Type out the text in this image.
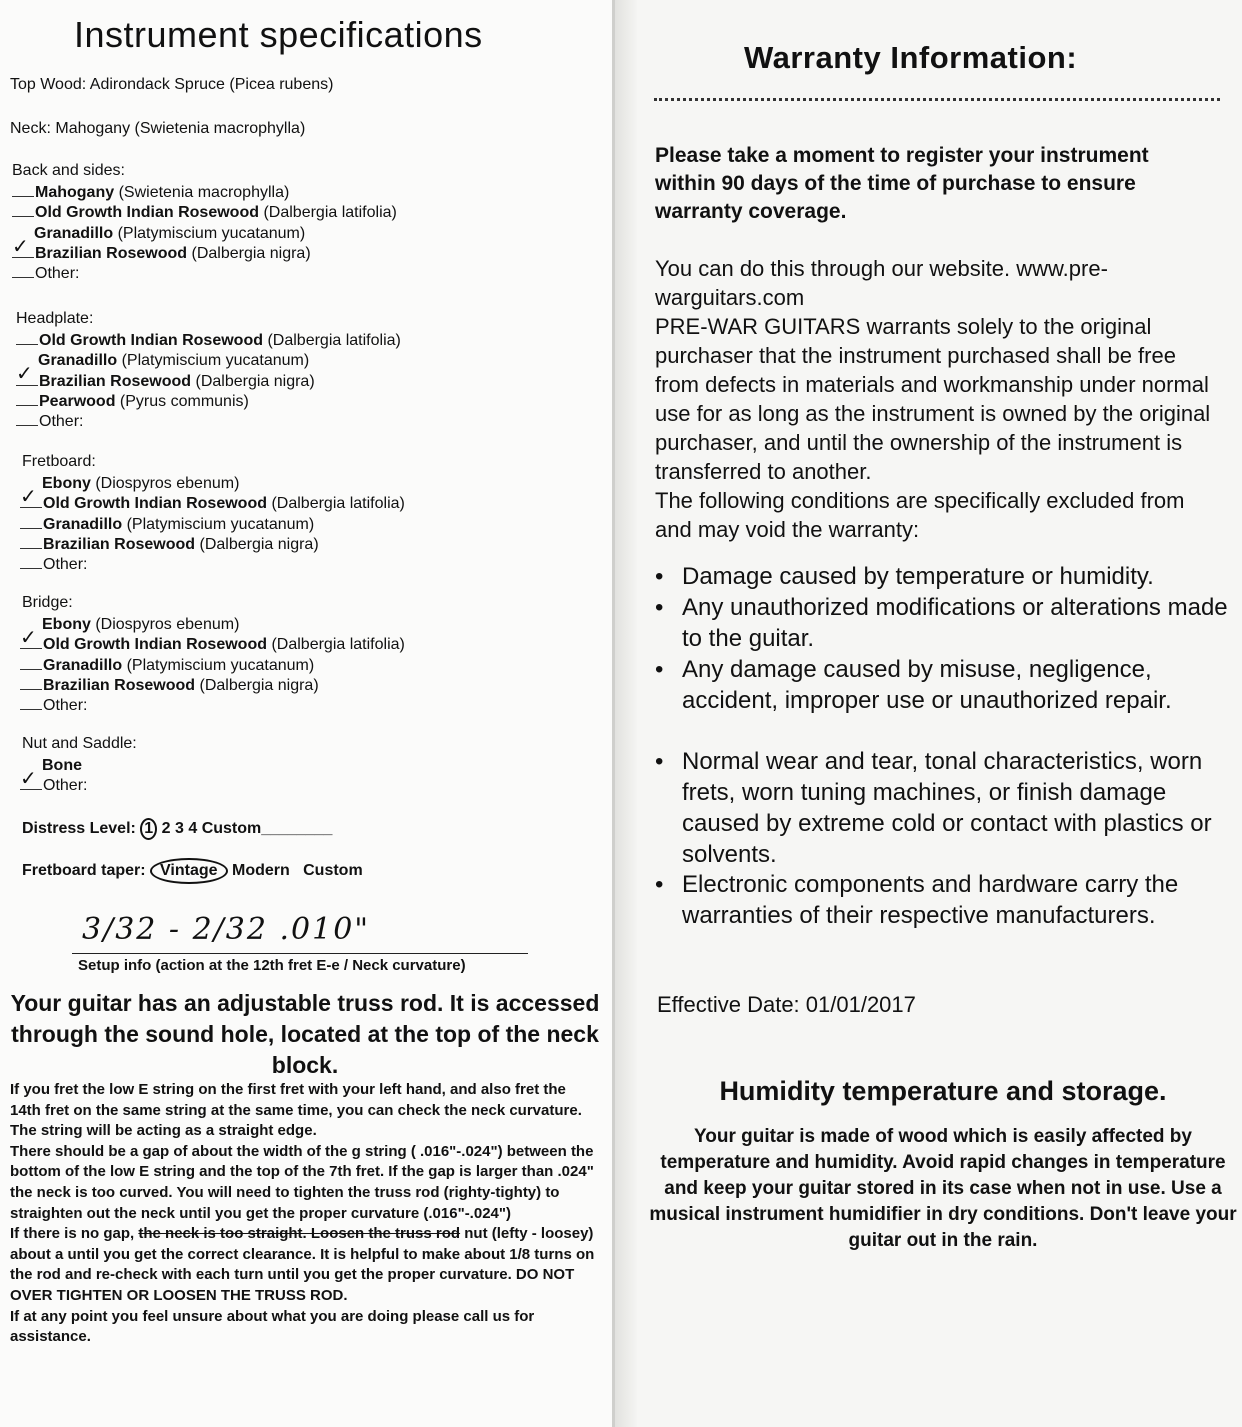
Instrument specifications
Top Wood: Adirondack Spruce (Picea rubens)
Neck: Mahogany (Swietenia macrophylla)
Back and sides:
Mahogany (Swietenia macrophylla)
Old Growth Indian Rosewood (Dalbergia latifolia)
Granadillo (Platymiscium yucatanum)
Brazilian Rosewood (Dalbergia nigra)
Other:
Headplate:
Old Growth Indian Rosewood (Dalbergia latifolia)
Granadillo (Platymiscium yucatanum)
Brazilian Rosewood (Dalbergia nigra)
Pearwood (Pyrus communis)
Other:
Fretboard:
Ebony (Diospyros ebenum)
Old Growth Indian Rosewood (Dalbergia latifolia)
Granadillo (Platymiscium yucatanum)
Brazilian Rosewood (Dalbergia nigra)
Other:
Bridge:
Ebony (Diospyros ebenum)
Old Growth Indian Rosewood (Dalbergia latifolia)
Granadillo (Platymiscium yucatanum)
Brazilian Rosewood (Dalbergia nigra)
Other:
Nut and Saddle:
Bone
Other:
Distress Level: 1 2 3 4 Custom________
Fretboard taper: Vintage Modern Custom
3/32 - 2/32 .010"
Setup info (action at the 12th fret E-e / Neck curvature)
Your guitar has an adjustable truss rod. It is accessed through the sound hole, located at the top of the neck block.

If you fret the low E string on the first fret with your left hand, and also fret the 14th fret on the same string at the same time, you can check the neck curvature. The string will be acting as a straight edge.

There should be a gap of about the width of the g string ( .016"-.024") between the bottom of the low E string and the top of the 7th fret. If the gap is larger than .024" the neck is too curved. You will need to tighten the truss rod (righty-tighty) to straighten out the neck until you get the proper curvature (.016"-.024")

If there is no gap, the neck is too straight. Loosen the truss rod nut (lefty - loosey) about a until you get the correct clearance. It is helpful to make about 1/8 turns on the rod and re-check with each turn until you get the proper curvature. DO NOT OVER TIGHTEN OR LOOSEN THE TRUSS ROD.

If at any point you feel unsure about what you are doing please call us for assistance.

Warranty Information:
Please take a moment to register your instrument within 90 days of the time of purchase to ensure warranty coverage.

You can do this through our website. www.pre-warguitars.com

PRE-WAR GUITARS warrants solely to the original purchaser that the instrument purchased shall be free from defects in materials and workmanship under normal use for as long as the instrument is owned by the original purchaser, and until the ownership of the instrument is transferred to another.

The following conditions are specifically excluded from and may void the warranty:

• Damage caused by temperature or humidity.
• Any unauthorized modifications or alterations made to the guitar.
• Any damage caused by misuse, negligence, accident, improper use or unauthorized repair.
• Normal wear and tear, tonal characteristics, worn frets, worn tuning machines, or finish damage caused by extreme cold or contact with plastics or solvents.
• Electronic components and hardware carry the warranties of their respective manufacturers.
Effective Date: 01/01/2017
Humidity temperature and storage.
Your guitar is made of wood which is easily affected by temperature and humidity. Avoid rapid changes in temperature and keep your guitar stored in its case when not in use. Use a musical instrument humidifier in dry conditions. Don't leave your guitar out in the rain.
